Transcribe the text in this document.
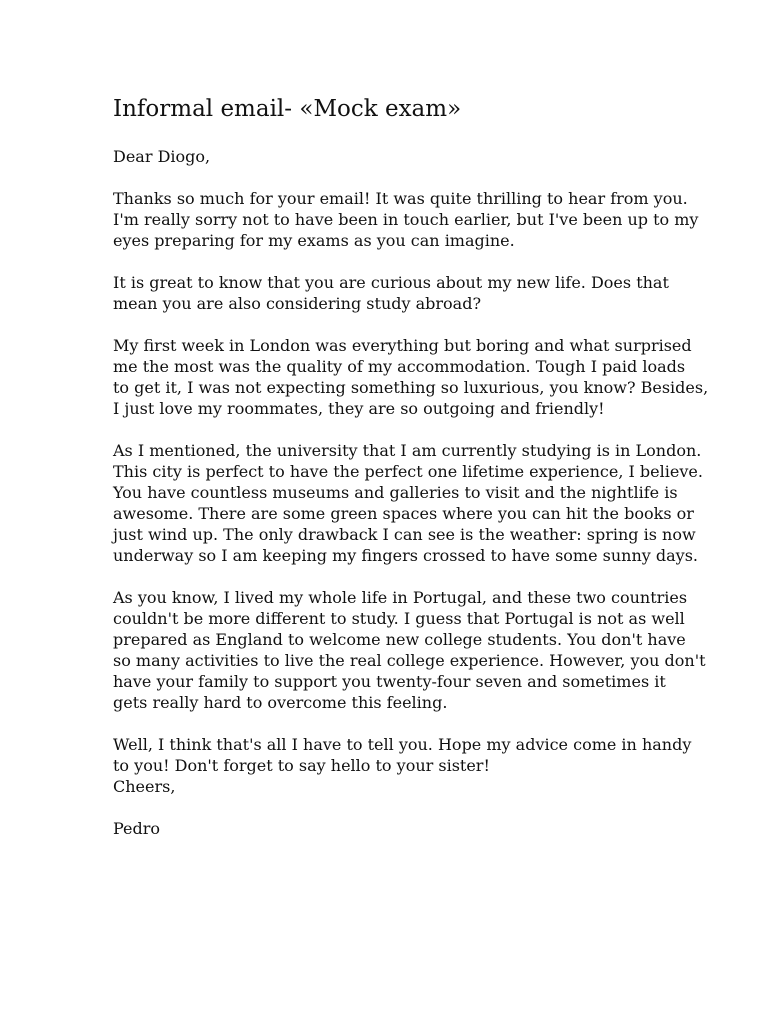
Informal email- «Mock exam»
Dear Diogo,
Thanks so much for your email! It was quite thrilling to hear from you.
I'm really sorry not to have been in touch earlier, but I've been up to my
eyes preparing for my exams as you can imagine.
It is great to know that you are curious about my new life. Does that
mean you are also considering study abroad?
My first week in London was everything but boring and what surprised
me the most was the quality of my accommodation. Tough I paid loads
to get it, I was not expecting something so luxurious, you know? Besides,
I just love my roommates, they are so outgoing and friendly!
As I mentioned, the university that I am currently studying is in London.
This city is perfect to have the perfect one lifetime experience, I believe.
You have countless museums and galleries to visit and the nightlife is
awesome. There are some green spaces where you can hit the books or
just wind up. The only drawback I can see is the weather: spring is now
underway so I am keeping my fingers crossed to have some sunny days.
As you know, I lived my whole life in Portugal, and these two countries
couldn't be more different to study. I guess that Portugal is not as well
prepared as England to welcome new college students. You don't have
so many activities to live the real college experience. However, you don't
have your family to support you twenty-four seven and sometimes it
gets really hard to overcome this feeling.
Well, I think that's all I have to tell you. Hope my advice come in handy
to you! Don't forget to say hello to your sister!
Cheers,
Pedro
